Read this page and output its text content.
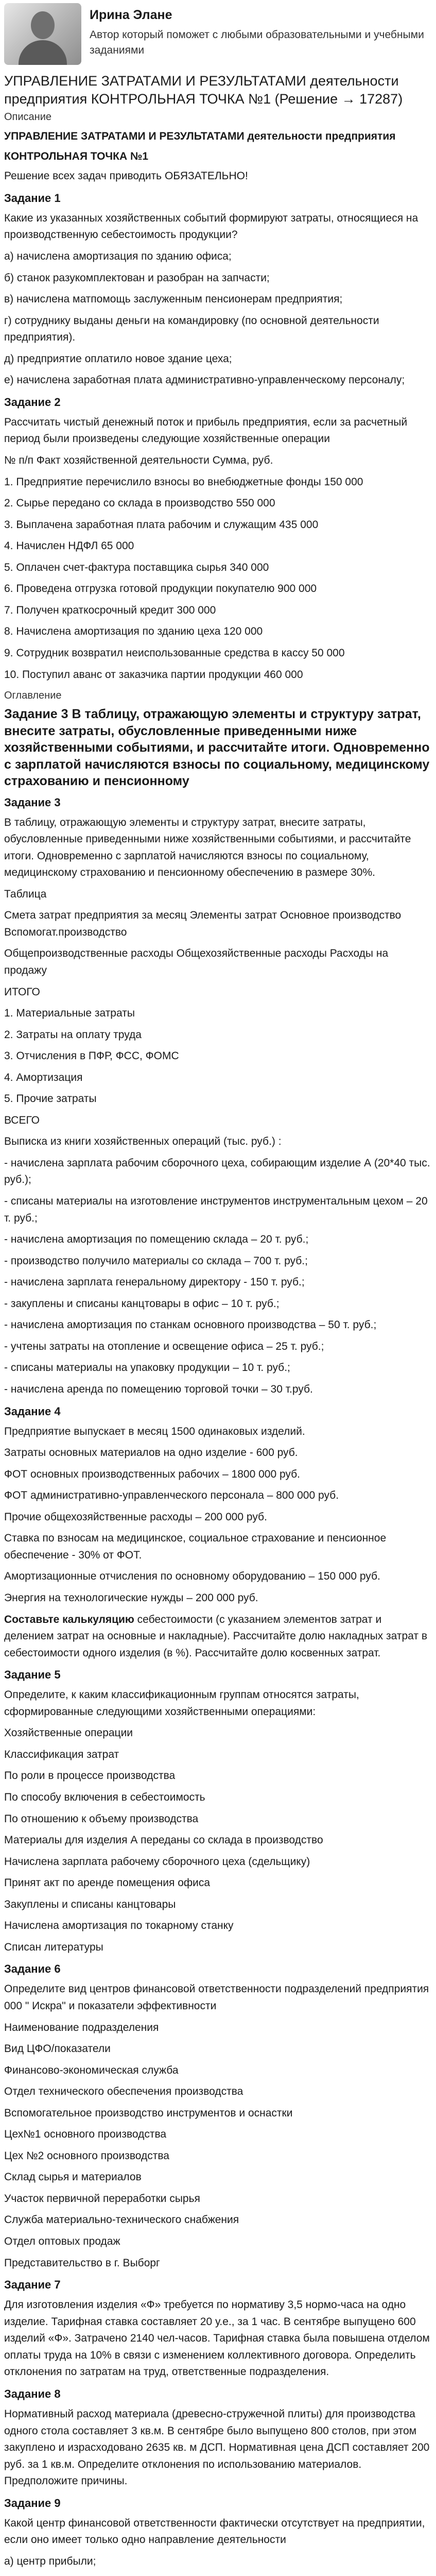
Ирина Элане
Автор который поможет с любыми образовательными и учебными заданиями
УПРАВЛЕНИЕ ЗАТРАТАМИ И РЕЗУЛЬТАТАМИ деятельности предприятия КОНТРОЛЬНАЯ ТОЧКА №1 (Решение → 17287)
Описание
УПРАВЛЕНИЕ ЗАТРАТАМИ И РЕЗУЛЬТАТАМИ деятельности предприятия
КОНТРОЛЬНАЯ ТОЧКА №1

Решение всех задач приводить ОБЯЗАТЕЛЬНО!

Задание 1

Какие из указанных хозяйственных событий формируют затраты, относящиеся на производственную себестоимость продукции?

а) начислена амортизация по зданию офиса;

б) станок разукомплектован и разобран на запчасти;

в) начислена матпомощь заслуженным пенсионерам предприятия;

г) сотруднику выданы деньги на командировку (по основной деятельности предприятия).

д) предприятие оплатило новое здание цеха;

е) начислена заработная плата административно-управленческому персоналу;

Задание 2

Рассчитать чистый денежный поток и прибыль предприятия, если за расчетный период были произведены следующие хозяйственные операции

№ п/п Факт хозяйственной деятельности Сумма, руб.

1. Предприятие перечислило взносы во внебюджетные фонды 150 000

2. Сырье передано со склада в производство 550 000

3. Выплачена заработная плата рабочим и служащим 435 000

4. Начислен НДФЛ 65 000

5. Оплачен счет-фактура поставщика сырья 340 000

6. Проведена отгрузка готовой продукции покупателю 900 000

7. Получен краткосрочный кредит 300 000

8. Начислена амортизация по зданию цеха 120 000

9. Сотрудник возвратил неиспользованные средства в кассу 50 000

10. Поступил аванс от заказчика партии продукции 460 000

Оглавление
Задание 3 В таблицу, отражающую элементы и структуру затрат, внесите затраты, обусловленные приведенными ниже хозяйственными событиями, и рассчитайте итоги. Одновременно с зарплатой начисляются взносы по социальному, медицинскому страхованию и пенсионному
Задание 3

В таблицу, отражающую элементы и структуру затрат, внесите затраты, обусловленные приведенными ниже хозяйственными событиями, и рассчитайте итоги. Одновременно с зарплатой начисляются взносы по социальному, медицинскому страхованию и пенсионному обеспечению в размере 30%.

Таблица

Смета затрат предприятия за месяц Элементы затрат Основное производство Вспомогат.производство

Общепроизводственные расходы Общехозяйственные расходы Расходы на продажу

ИТОГО

1. Материальные затраты

2. Затраты на оплату труда

3. Отчисления в ПФР, ФСС, ФОМС

4. Амортизация

5. Прочие затраты

ВСЕГО

Выписка из книги хозяйственных операций (тыс. руб.) :

- начислена зарплата рабочим сборочного цеха, собирающим изделие А (20*40 тыс. руб.);

- списаны материалы на изготовление инструментов инструментальным цехом – 20 т. руб.;

- начислена амортизация по помещению склада – 20 т. руб.;

- производство получило материалы со склада – 700 т. руб.;

- начислена зарплата генеральному директору - 150 т. руб.;

- закуплены и списаны канцтовары в офис – 10 т. руб.;

- начислена амортизация по станкам основного производства – 50 т. руб.;

- учтены затраты на отопление и освещение офиса – 25 т. руб.;

- списаны материалы на упаковку продукции – 10 т. руб.;

- начислена аренда по помещению торговой точки – 30 т.руб.

Задание 4

Предприятие выпускает в месяц 1500 одинаковых изделий.

Затраты основных материалов на одно изделие - 600 руб.

ФОТ основных производственных рабочих – 1800 000 руб.

ФОТ административно-управленческого персонала – 800 000 руб.

Прочие общехозяйственные расходы – 200 000 руб.

Ставка по взносам на медицинское, социальное страхование и пенсионное обеспечение - 30% от ФОТ.

Амортизационные отчисления по основному оборудованию – 150 000 руб.

Энергия на технологические нужды – 200 000 руб.

Составьте калькуляцию себестоимости (с указанием элементов затрат и делением затрат на основные и накладные). Рассчитайте долю накладных затрат в себестоимости одного изделия (в %). Рассчитайте долю косвенных затрат.

Задание 5

Определите, к каким классификационным группам относятся затраты, сформированные следующими хозяйственными операциями:

Хозяйственные операции

Классификация затрат

По роли в процессе производства

По способу включения в себестоимость

По отношению к объему производства

Материалы для изделия А переданы со склада в производство

Начислена зарплата рабочему сборочного цеха (сдельщику)

Принят акт по аренде помещения офиса

Закуплены и списаны канцтовары

Начислена амортизация по токарному станку

Списан литературы

Задание 6

Определите вид центров финансовой ответственности подразделений предприятия 000 " Искра" и показатели эффективности

Наименование подразделения

Вид ЦФО/показатели

Финансово-экономическая служба

Отдел технического обеспечения производства

Вспомогательное производство инструментов и оснастки

Цех№1 основного производства

Цех №2 основного производства

Склад сырья и материалов

Участок первичной переработки сырья

Служба материально-технического снабжения

Отдел оптовых продаж

Представительство в г. Выборг

Задание 7

Для изготовления изделия «Ф» требуется по нормативу 3,5 нормо-часа на одно изделие. Тарифная ставка составляет 20 у.е., за 1 час. В сентябре выпущено 600 изделий «Ф». Затрачено 2140 чел-часов. Тарифная ставка была повышена отделом оплаты труда на 10% в связи с изменением коллективного договора. Определить отклонения по затратам на труд, ответственные подразделения.

Задание 8

Нормативный расход материала (древесно-стружечной плиты) для производства одного стола составляет 3 кв.м. В сентябре было выпущено 800 столов, при этом закуплено и израсходовано 2635 кв. м ДСП. Нормативная цена ДСП составляет 200 руб. за 1 кв.м. Определите отклонения по использованию материалов. Предположите причины.

Задание 9

Какой центр финансовой ответственности фактически отсутствует на предприятии, если оно имеет только одно направление деятельности

а) центр прибыли;
